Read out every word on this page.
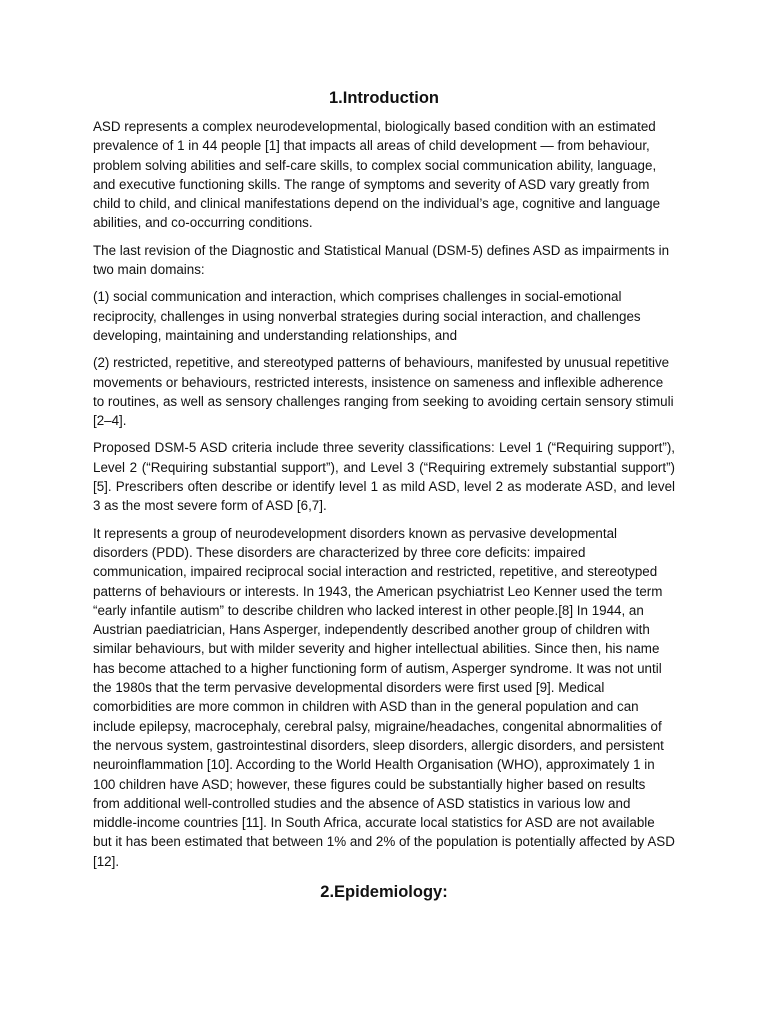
1.Introduction

ASD represents a complex neurodevelopmental, biologically based condition with an estimated prevalence of 1 in 44 people [1] that impacts all areas of child development — from behaviour, problem solving abilities and self-care skills, to complex social communication ability, language, and executive functioning skills. The range of symptoms and severity of ASD vary greatly from child to child, and clinical manifestations depend on the individual’s age, cognitive and language abilities, and co-occurring conditions.

The last revision of the Diagnostic and Statistical Manual (DSM-5) defines ASD as impairments in two main domains:

(1) social communication and interaction, which comprises challenges in social-emotional reciprocity, challenges in using nonverbal strategies during social interaction, and challenges developing, maintaining and understanding relationships, and

(2) restricted, repetitive, and stereotyped patterns of behaviours, manifested by unusual repetitive movements or behaviours, restricted interests, insistence on sameness and inflexible adherence to routines, as well as sensory challenges ranging from seeking to avoiding certain sensory stimuli [2–4].

Proposed DSM-5 ASD criteria include three severity classifications: Level 1 (“Requiring support”), Level 2 (“Requiring substantial support”), and Level 3 (“Requiring extremely substantial support”) [5]. Prescribers often describe or identify level 1 as mild ASD, level 2 as moderate ASD, and level 3 as the most severe form of ASD [6,7].

It represents a group of neurodevelopment disorders known as pervasive developmental disorders (PDD). These disorders are characterized by three core deficits: impaired communication, impaired reciprocal social interaction and restricted, repetitive, and stereotyped patterns of behaviours or interests. In 1943, the American psychiatrist Leo Kenner used the term “early infantile autism” to describe children who lacked interest in other people.[8] In 1944, an Austrian paediatrician, Hans Asperger, independently described another group of children with similar behaviours, but with milder severity and higher intellectual abilities. Since then, his name has become attached to a higher functioning form of autism, Asperger syndrome. It was not until the 1980s that the term pervasive developmental disorders were first used [9]. Medical comorbidities are more common in children with ASD than in the general population and can include epilepsy, macrocephaly, cerebral palsy, migraine/headaches, congenital abnormalities of the nervous system, gastrointestinal disorders, sleep disorders, allergic disorders, and persistent neuroinflammation [10]. According to the World Health Organisation (WHO), approximately 1 in 100 children have ASD; however, these figures could be substantially higher based on results from additional well-controlled studies and the absence of ASD statistics in various low and middle-income countries [11]. In South Africa, accurate local statistics for ASD are not available but it has been estimated that between 1% and 2% of the population is potentially affected by ASD [12].

2.Epidemiology:
